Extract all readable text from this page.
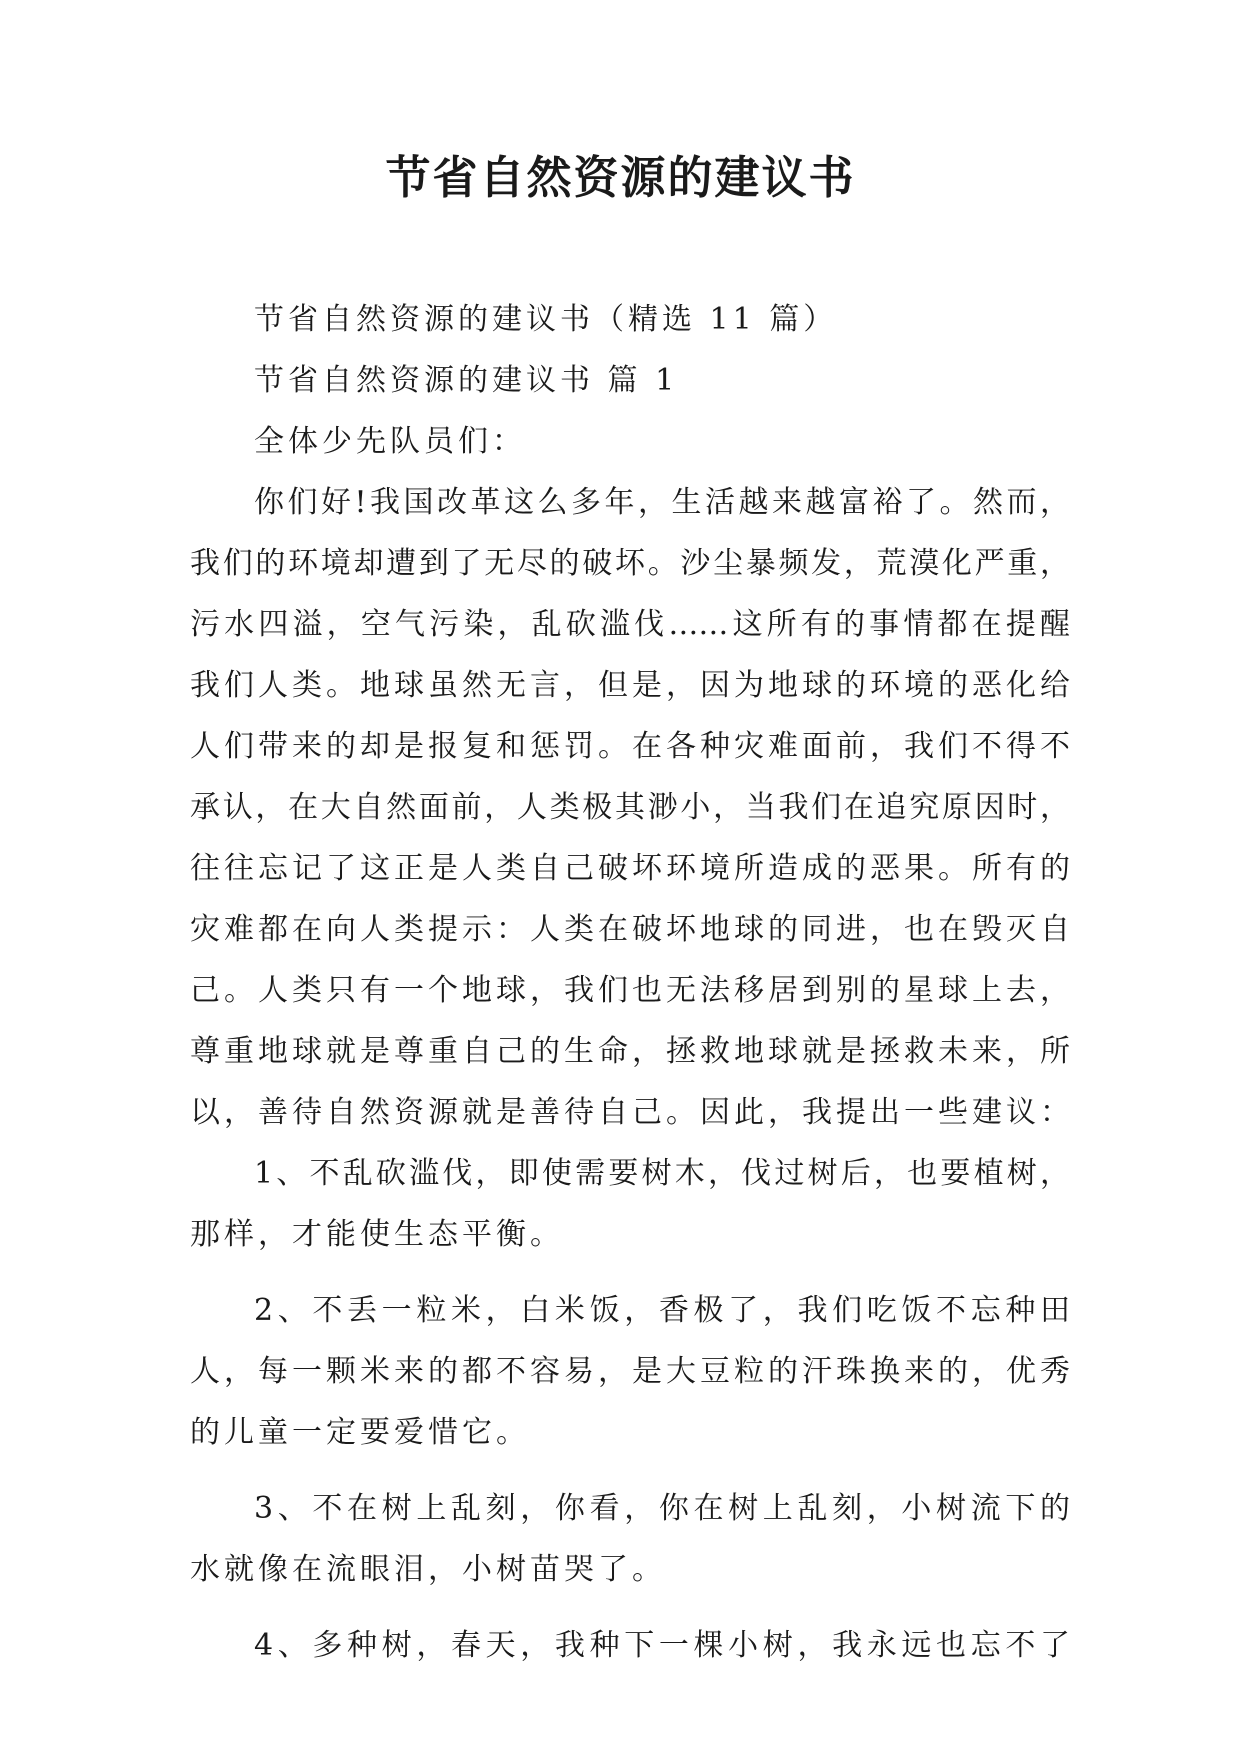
节省自然资源的建议书

节省自然资源的建议书（精选 11 篇）

节省自然资源的建议书 篇 1

全体少先队员们：

你们好!我国改革这么多年，生活越来越富裕了。然而，
我们的环境却遭到了无尽的破坏。沙尘暴频发，荒漠化严重，
污水四溢，空气污染，乱砍滥伐……这所有的事情都在提醒
我们人类。地球虽然无言，但是，因为地球的环境的恶化给
人们带来的却是报复和惩罚。在各种灾难面前，我们不得不
承认，在大自然面前，人类极其渺小，当我们在追究原因时，
往往忘记了这正是人类自己破坏环境所造成的恶果。所有的
灾难都在向人类提示：人类在破坏地球的同进，也在毁灭自
己。人类只有一个地球，我们也无法移居到别的星球上去，
尊重地球就是尊重自己的生命，拯救地球就是拯救未来，所
以，善待自然资源就是善待自己。因此，我提出一些建议：
1、不乱砍滥伐，即使需要树木，伐过树后，也要植树，
那样，才能使生态平衡。
2、不丢一粒米，白米饭，香极了，我们吃饭不忘种田
人，每一颗米来的都不容易，是大豆粒的汗珠换来的，优秀
的儿童一定要爱惜它。
3、不在树上乱刻，你看，你在树上乱刻，小树流下的
水就像在流眼泪，小树苗哭了。
4、多种树，春天，我种下一棵小树，我永远也忘不了
